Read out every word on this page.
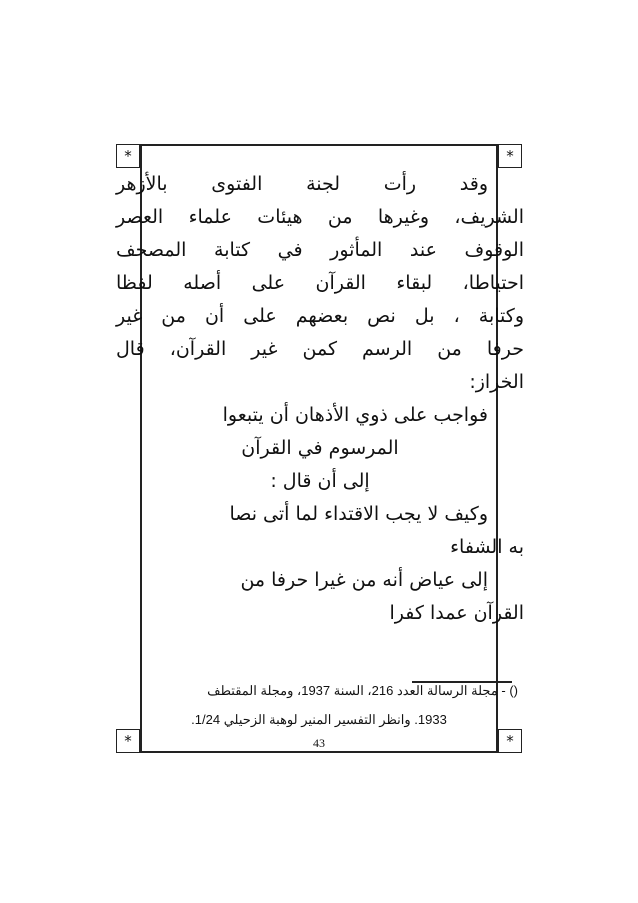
*	*
*	*
وقد رأت لجنة الفتوى بالأزهر
الشريف، وغيرها من هيئات علماء العصر
الوقوف عند المأثور في كتابة المصحف
احتياطا، لبقاء القرآن على أصله لفظا
وكتابة ، بل نص بعضهم على أن من غير
حرفا من الرسم كمن غير القرآن، قال
الخراز:
فواجب على ذوي الأذهان أن يتبعوا
المرسوم في القرآن
إلى أن قال :
وكيف لا يجب الاقتداء لما أتى نصا
به الشفاء
إلى عياض أنه من غيرا حرفا من
القرآن عمدا كفرا
() - مجلة الرسالة العدد 216، السنة 1937، ومجلة المقتطف
1933. وانظر التفسير المنير لوهبة الزحيلي 1/24.
43
